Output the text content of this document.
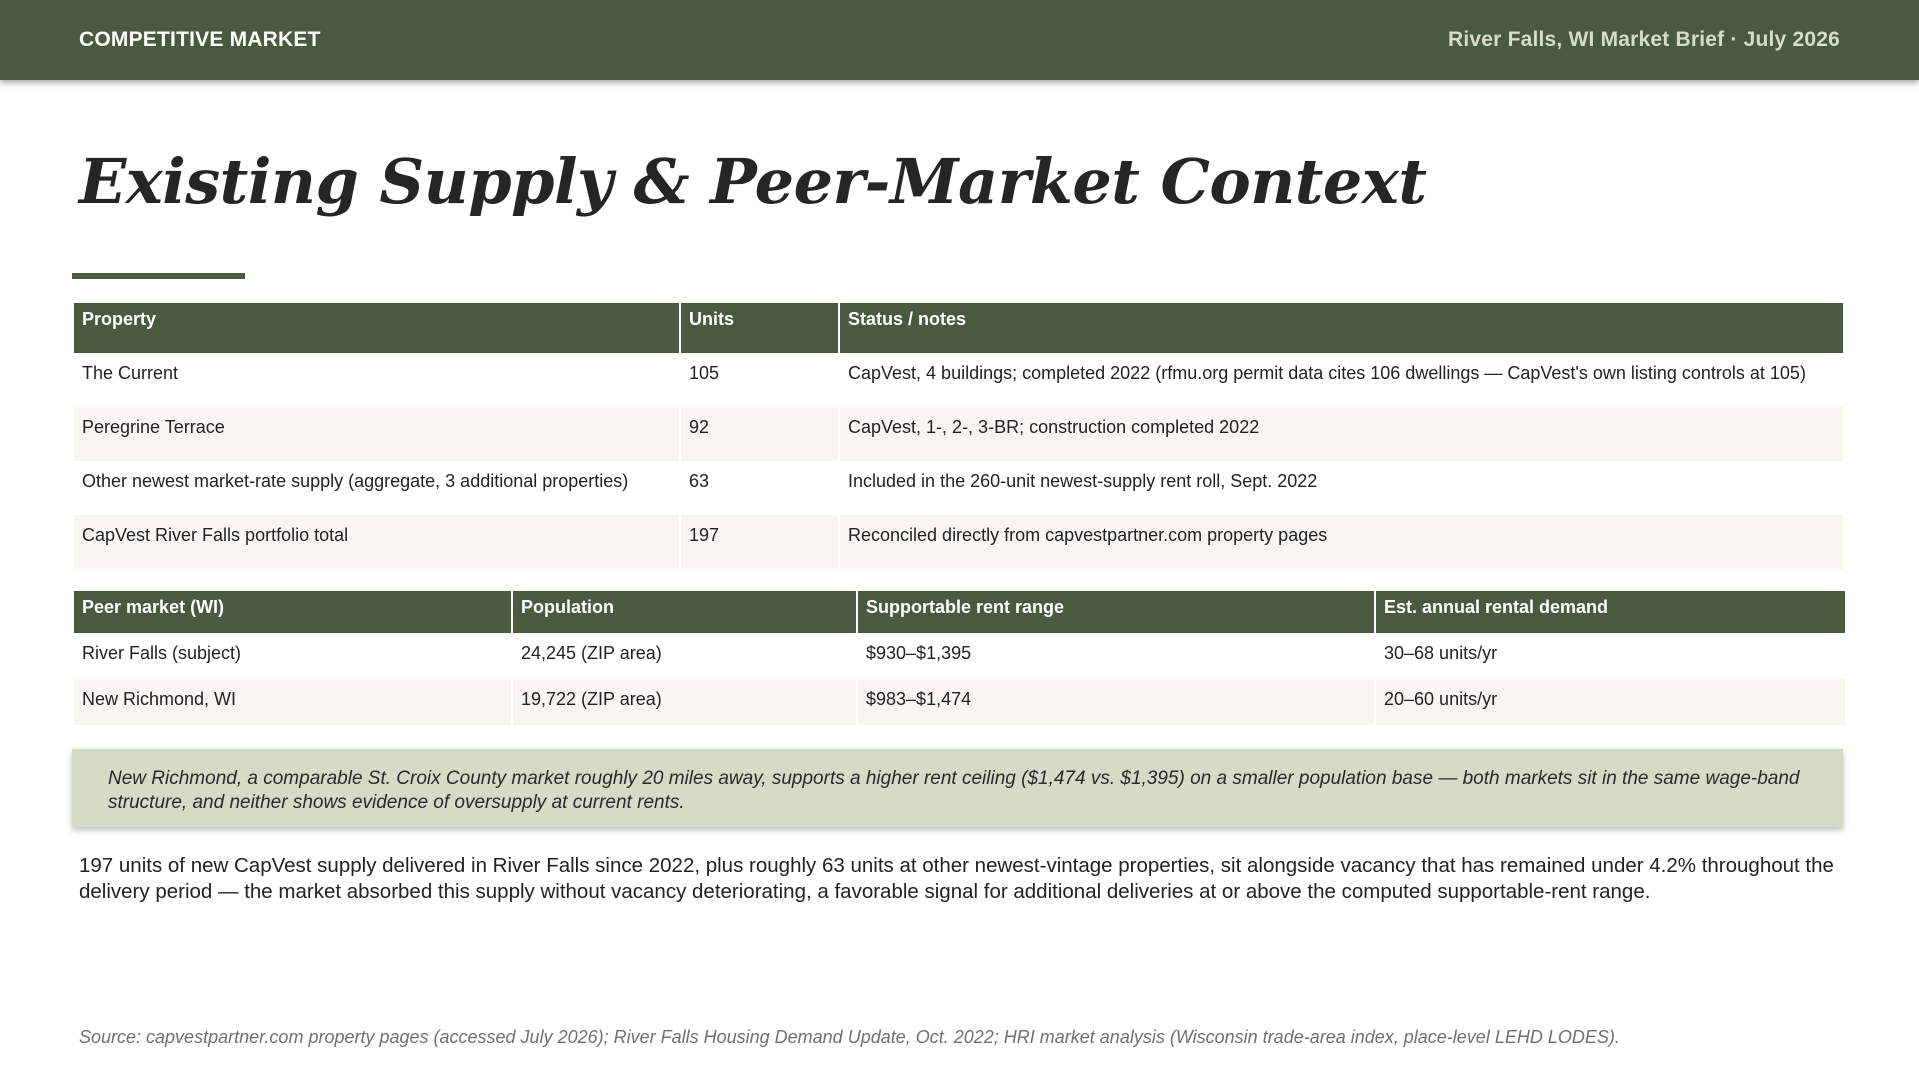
COMPETITIVE MARKET	River Falls, WI Market Brief · July 2026
Existing Supply & Peer-Market Context
Property	Units	Status / notes
The Current	105	CapVest, 4 buildings; completed 2022 (rfmu.org permit data cites 106 dwellings — CapVest's own listing controls at 105)
Peregrine Terrace	92	CapVest, 1-, 2-, 3-BR; construction completed 2022
Other newest market-rate supply (aggregate, 3 additional properties)	63	Included in the 260-unit newest-supply rent roll, Sept. 2022
CapVest River Falls portfolio total	197	Reconciled directly from capvestpartner.com property pages
Peer market (WI)	Population	Supportable rent range	Est. annual rental demand
River Falls (subject)	24,245 (ZIP area)	$930–$1,395	30–68 units/yr
New Richmond, WI	19,722 (ZIP area)	$983–$1,474	20–60 units/yr
New Richmond, a comparable St. Croix County market roughly 20 miles away, supports a higher rent ceiling ($1,474 vs. $1,395) on a smaller population base — both markets sit in the same wage-band structure, and neither shows evidence of oversupply at current rents.

197 units of new CapVest supply delivered in River Falls since 2022, plus roughly 63 units at other newest-vintage properties, sit alongside vacancy that has remained under 4.2% throughout the delivery period — the market absorbed this supply without vacancy deteriorating, a favorable signal for additional deliveries at or above the computed supportable-rent range.

Source: capvestpartner.com property pages (accessed July 2026); River Falls Housing Demand Update, Oct. 2022; HRI market analysis (Wisconsin trade-area index, place-level LEHD LODES).
